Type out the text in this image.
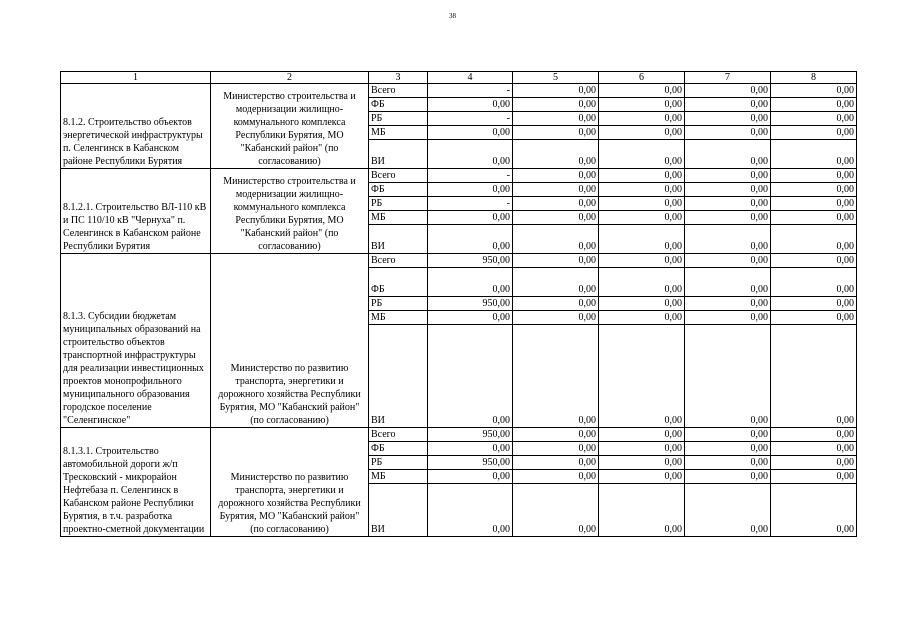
38
1	2	3	4	5	6	7	8
8.1.2. Строительство объектов энергетической инфраструктуры п. Селенгинск в Кабанском районе Республики Бурятия	Министерство строительства и модернизации жилищно-коммунального комплекса Республики Бурятия, МО "Кабанский район" (по согласованию)	Всего	-	0,00	0,00	0,00	0,00
		ФБ	0,00	0,00	0,00	0,00	0,00
		РБ	-	0,00	0,00	0,00	0,00
		МБ	0,00	0,00	0,00	0,00	0,00
		ВИ	0,00	0,00	0,00	0,00	0,00
8.1.2.1. Строительство ВЛ-110 кВ и ПС 110/10 кВ "Чернуха" п. Селенгинск в Кабанском районе Республики Бурятия	Министерство строительства и модернизации жилищно-коммунального комплекса Республики Бурятия, МО "Кабанский район" (по согласованию)	Всего	-	0,00	0,00	0,00	0,00
		ФБ	0,00	0,00	0,00	0,00	0,00
		РБ	-	0,00	0,00	0,00	0,00
		МБ	0,00	0,00	0,00	0,00	0,00
		ВИ	0,00	0,00	0,00	0,00	0,00
8.1.3. Субсидии бюджетам муниципальных образований на строительство объектов транспортной инфраструктуры для реализации инвестиционных проектов монопрофильного муниципального образования городское поселение "Селенгинское"	Министерство по развитию транспорта, энергетики и дорожного хозяйства Республики Бурятия, МО "Кабанский район" (по согласованию)	Всего	950,00	0,00	0,00	0,00	0,00
		ФБ	0,00	0,00	0,00	0,00	0,00
		РБ	950,00	0,00	0,00	0,00	0,00
		МБ	0,00	0,00	0,00	0,00	0,00
		ВИ	0,00	0,00	0,00	0,00	0,00
8.1.3.1. Строительство автомобильной дороги ж/п Тресковский - микрорайон Нефтебаза п. Селенгинск в Кабанском районе Республики Бурятия, в т.ч. разработка проектно-сметной документации	Министерство по развитию транспорта, энергетики и дорожного хозяйства Республики Бурятия, МО "Кабанский район" (по согласованию)	Всего	950,00	0,00	0,00	0,00	0,00
		ФБ	0,00	0,00	0,00	0,00	0,00
		РБ	950,00	0,00	0,00	0,00	0,00
		МБ	0,00	0,00	0,00	0,00	0,00
		ВИ	0,00	0,00	0,00	0,00	0,00
